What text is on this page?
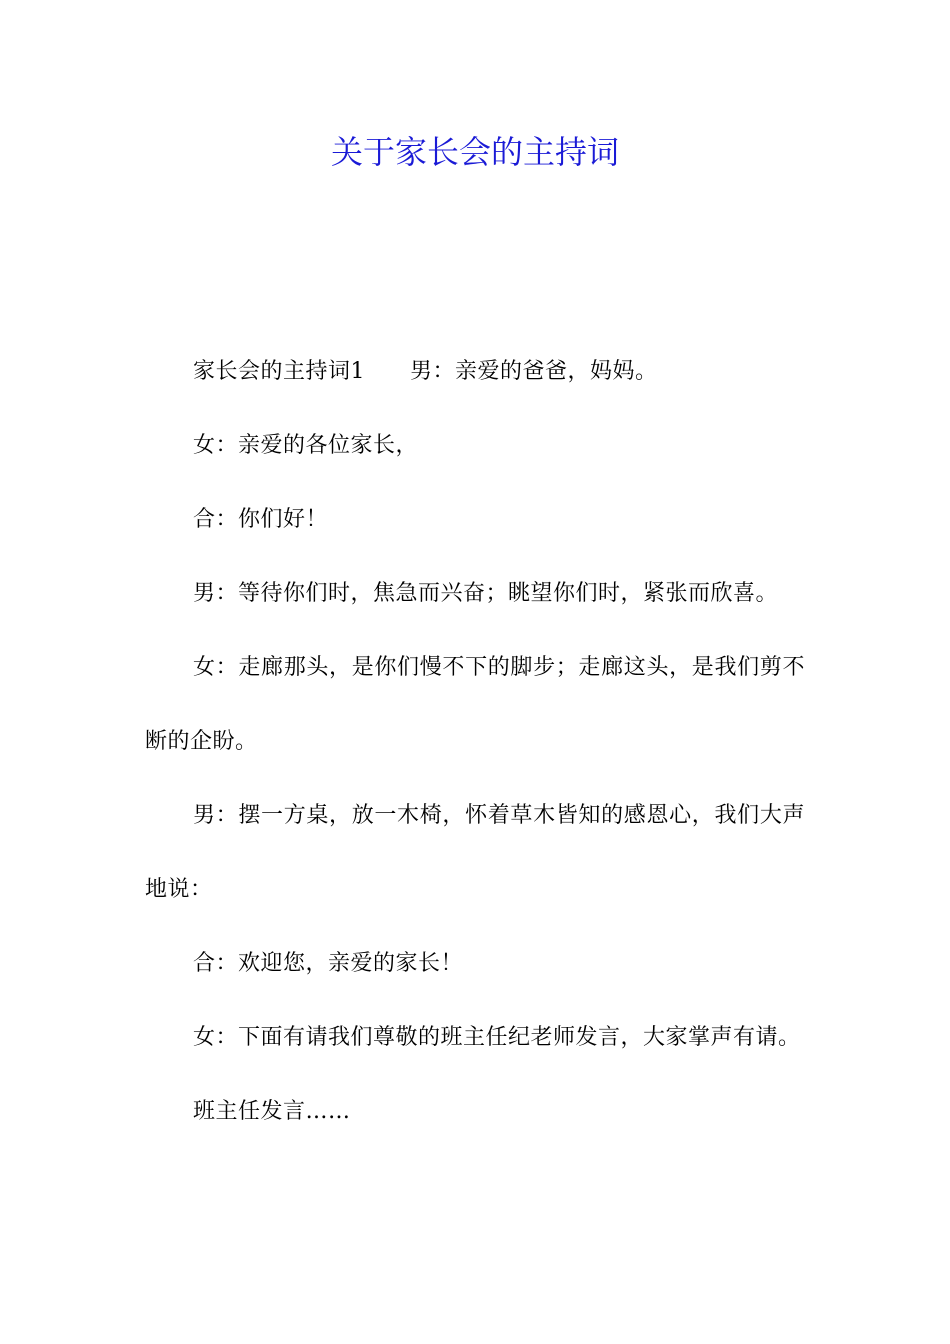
关于家长会的主持词

家长会的主持词1　　男：亲爱的爸爸，妈妈。

女：亲爱的各位家长，

合：你们好！

男：等待你们时，焦急而兴奋；眺望你们时，紧张而欣喜。

女：走廊那头，是你们慢不下的脚步；走廊这头，是我们剪不断的企盼。

男：摆一方桌，放一木椅，怀着草木皆知的感恩心，我们大声地说：

合：欢迎您，亲爱的家长！

女：下面有请我们尊敬的班主任纪老师发言，大家掌声有请。

班主任发言……
